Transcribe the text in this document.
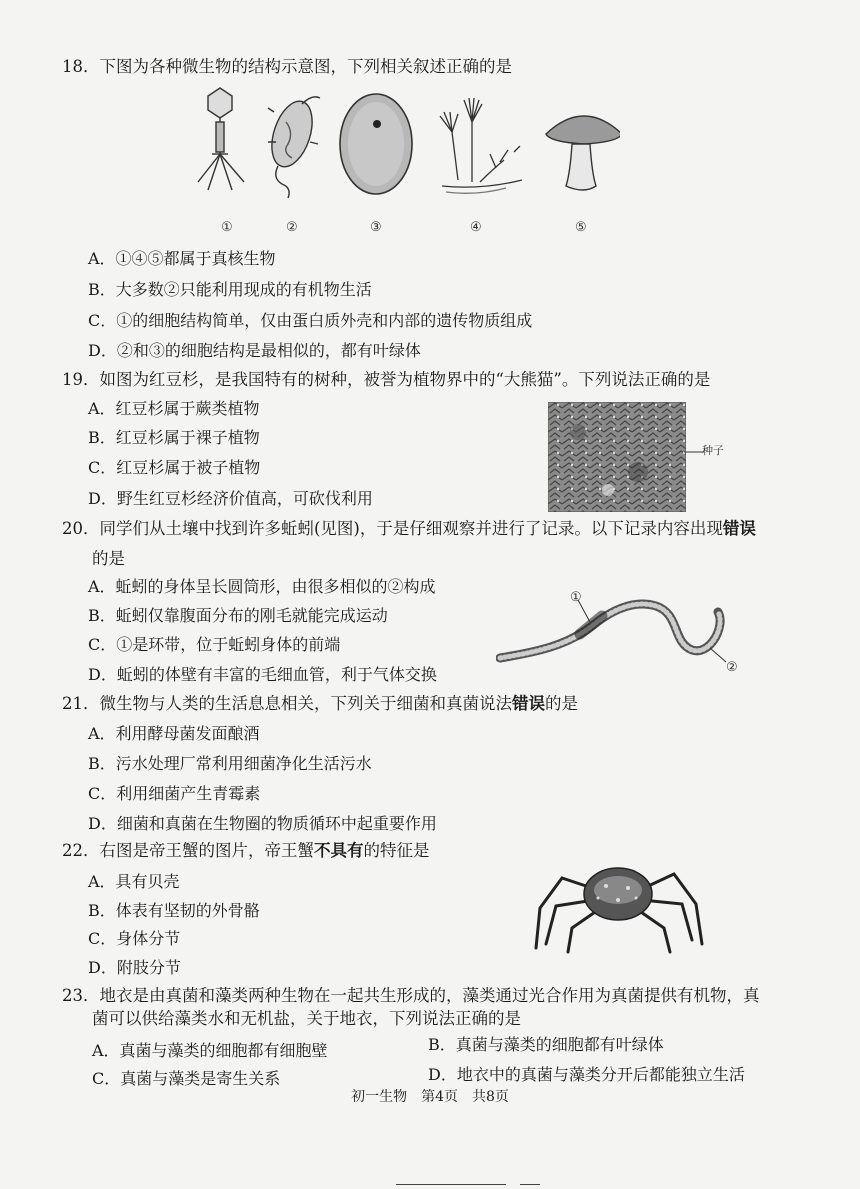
18．下图为各种微生物的结构示意图，下列相关叙述正确的是
①	②	③	④	⑤
A．①④⑤都属于真核生物
B．大多数②只能利用现成的有机物生活
C．①的细胞结构简单，仅由蛋白质外壳和内部的遗传物质组成
D．②和③的细胞结构是最相似的，都有叶绿体
19．如图为红豆杉，是我国特有的树种，被誉为植物界中的“大熊猫”。下列说法正确的是
A．红豆杉属于蕨类植物
B．红豆杉属于裸子植物
C．红豆杉属于被子植物
D．野生红豆杉经济价值高，可砍伐利用
种子
20．同学们从土壤中找到许多蚯蚓(见图)，于是仔细观察并进行了记录。以下记录内容出现错误
的是
A．蚯蚓的身体呈长圆筒形，由很多相似的②构成
B．蚯蚓仅靠腹面分布的刚毛就能完成运动
C．①是环带，位于蚯蚓身体的前端
D．蚯蚓的体壁有丰富的毛细血管，利于气体交换
①
②
21．微生物与人类的生活息息相关，下列关于细菌和真菌说法错误的是
A．利用酵母菌发面酿酒
B．污水处理厂常利用细菌净化生活污水
C．利用细菌产生青霉素
D．细菌和真菌在生物圈的物质循环中起重要作用
22．右图是帝王蟹的图片，帝王蟹不具有的特征是
A．具有贝壳
B．体表有坚韧的外骨骼
C．身体分节
D．附肢分节
23．地衣是由真菌和藻类两种生物在一起共生形成的，藻类通过光合作用为真菌提供有机物，真
菌可以供给藻类水和无机盐，关于地衣，下列说法正确的是
A．真菌与藻类的细胞都有细胞壁	B．真菌与藻类的细胞都有叶绿体
C．真菌与藻类是寄生关系	D．地衣中的真菌与藻类分开后都能独立生活
初一生物　第4页　共8页
